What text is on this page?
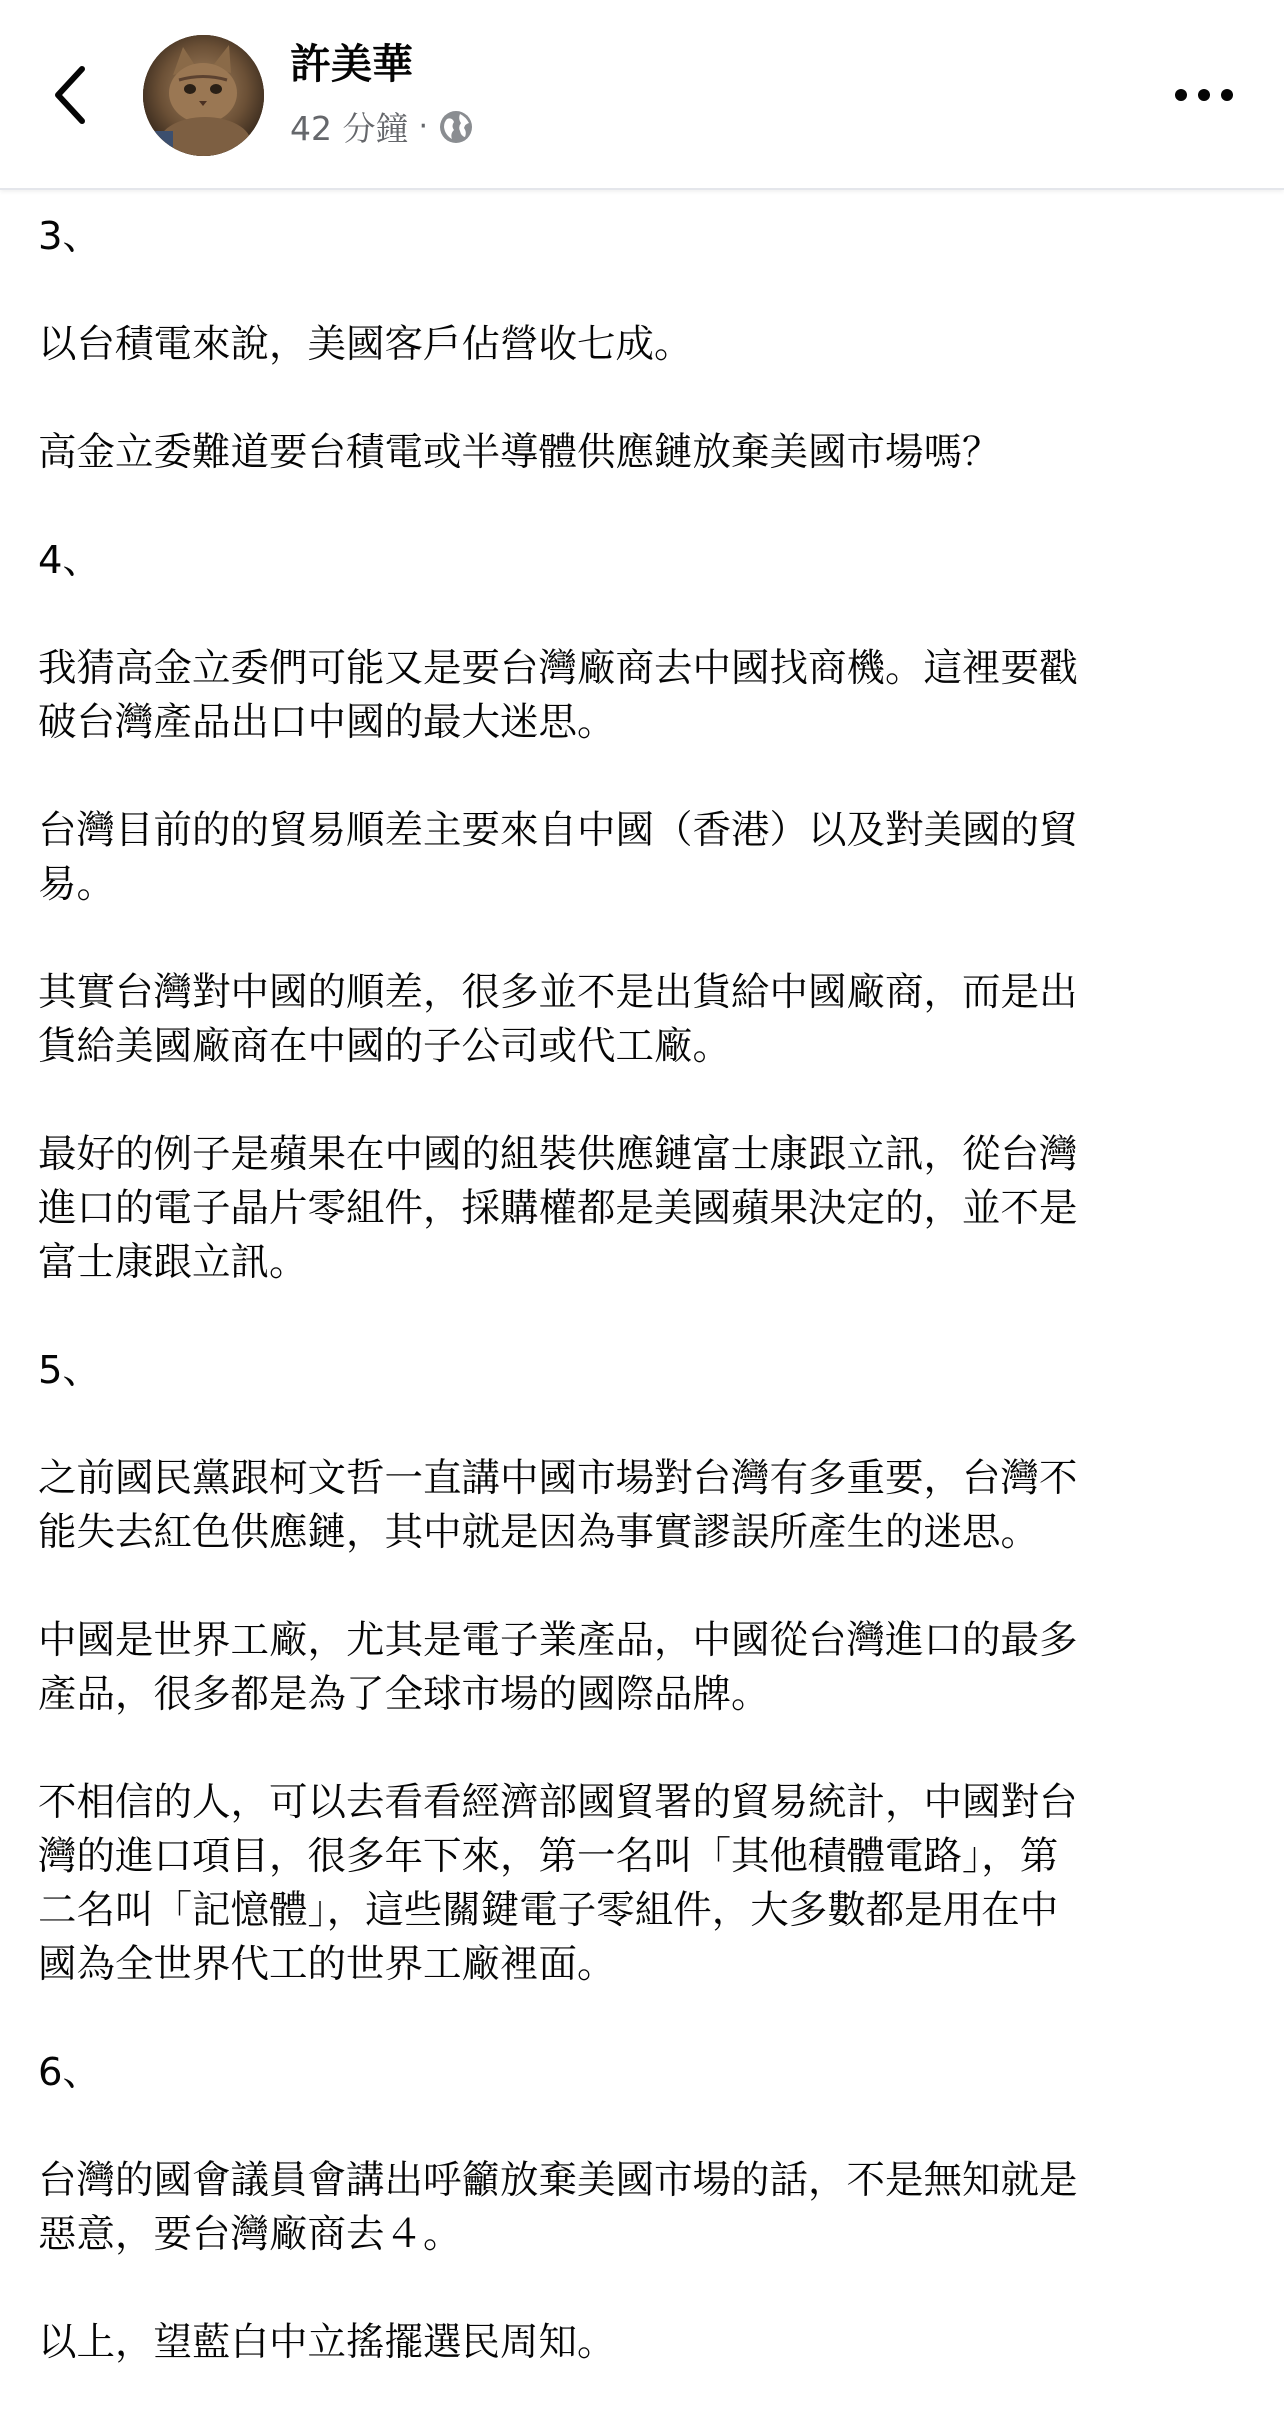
許美華
42 分鐘 ·

3、

以台積電來說，美國客戶佔營收七成。

高金立委難道要台積電或半導體供應鏈放棄美國市場嗎？

4、

我猜高金立委們可能又是要台灣廠商去中國找商機。這裡要戳
破台灣產品出口中國的最大迷思。

台灣目前的的貿易順差主要來自中國（香港）以及對美國的貿
易。

其實台灣對中國的順差，很多並不是出貨給中國廠商，而是出
貨給美國廠商在中國的子公司或代工廠。

最好的例子是蘋果在中國的組裝供應鏈富士康跟立訊，從台灣
進口的電子晶片零組件，採購權都是美國蘋果決定的，並不是
富士康跟立訊。

5、

之前國民黨跟柯文哲一直講中國市場對台灣有多重要，台灣不
能失去紅色供應鏈，其中就是因為事實謬誤所產生的迷思。

中國是世界工廠，尤其是電子業產品，中國從台灣進口的最多
產品，很多都是為了全球市場的國際品牌。

不相信的人，可以去看看經濟部國貿署的貿易統計，中國對台
灣的進口項目，很多年下來，第一名叫「其他積體電路」，第
二名叫「記憶體」，這些關鍵電子零組件，大多數都是用在中
國為全世界代工的世界工廠裡面。

6、

台灣的國會議員會講出呼籲放棄美國市場的話，不是無知就是
惡意，要台灣廠商去４。

以上，望藍白中立搖擺選民周知。
